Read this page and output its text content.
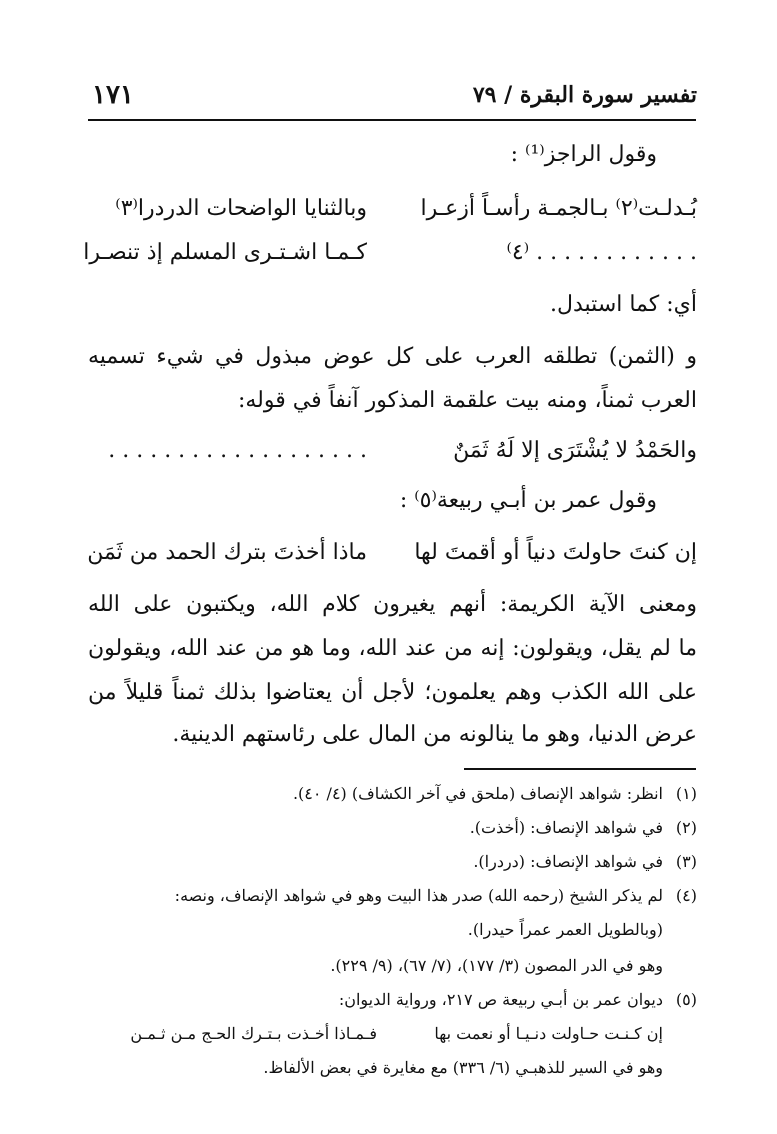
تفسير سورة البقرة / ٧٩
١٧١
وقول الراجز⁽¹⁾ :
بُـدلـت⁽٢⁾ بـالجمـة رأسـاً أزعـرا
وبالثنايا الواضحات الدردرا⁽٣⁾
. . . . . . . . . . . . ⁽٤⁾
كـمـا اشـتـرى المسلم إذ تنصـرا
أي: كما استبدل.
و (الثمن) تطلقه العرب على كل عوض مبذول في شيء تسميه
العرب ثمناً، ومنه بيت علقمة المذكور آنفاً في قوله:
والحَمْدُ لا يُشْتَرَى إلا لَهُ ثَمَنٌ
. . . . . . . . . . . . . . . . . . .
وقول عمر بن أبـي ربيعة⁽٥⁾ :
إن كنتَ حاولتَ دنياً أو أقمتَ لها
ماذا أخذتَ بترك الحمد من ثَمَن
ومعنى الآية الكريمة: أنهم يغيرون كلام الله، ويكتبون على الله
ما لم يقل، ويقولون: إنه من عند الله، وما هو من عند الله، ويقولون
على الله الكذب وهم يعلمون؛ لأجل أن يعتاضوا بذلك ثمناً قليلاً من
عرض الدنيا، وهو ما ينالونه من المال على رئاستهم الدينية.
(١)انظر: شواهد الإنصاف (ملحق في آخر الكشاف) (٤/ ٤٠).
(٢)في شواهد الإنصاف: (أخذت).
(٣)في شواهد الإنصاف: (دردرا).
(٤)لم يذكر الشيخ (رحمه الله) صدر هذا البيت وهو في شواهد الإنصاف، ونصه:
(وبالطويل العمر عمراً حيدرا).
وهو في الدر المصون (٣/ ١٧٧)، (٧/ ٦٧)، (٩/ ٢٢٩).
(٥)ديوان عمر بن أبـي ربيعة ص ٢١٧، ورواية الديوان:
إن كـنـت حـاولت دنـيـا أو نعمت بها
فـمـاذا أخـذت بـتـرك الحـج مـن ثـمـن
وهو في السير للذهبـي (٦/ ٣٣٦) مع مغايرة في بعض الألفاظ.
